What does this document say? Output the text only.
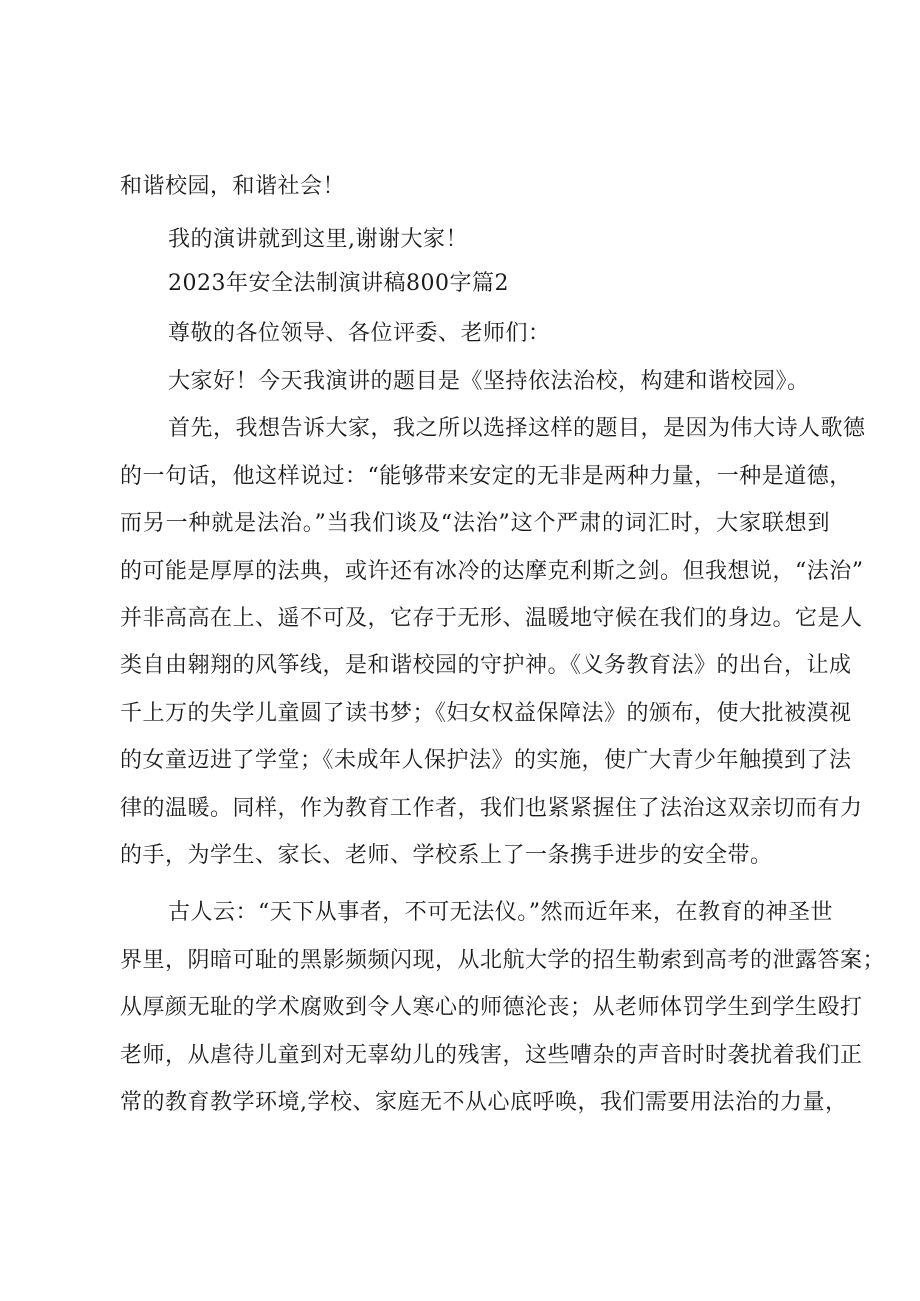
和谐校园，和谐社会！
我的演讲就到这里,谢谢大家！
2023年安全法制演讲稿800字篇2
尊敬的各位领导、各位评委、老师们：
大家好！今天我演讲的题目是《坚持依法治校，构建和谐校园》。
首先，我想告诉大家，我之所以选择这样的题目，是因为伟大诗人歌德
的一句话，他这样说过：“能够带来安定的无非是两种力量，一种是道德，
而另一种就是法治。”当我们谈及“法治”这个严肃的词汇时，大家联想到
的可能是厚厚的法典，或许还有冰冷的达摩克利斯之剑。但我想说，“法治”
并非高高在上、遥不可及，它存于无形、温暖地守候在我们的身边。它是人
类自由翱翔的风筝线，是和谐校园的守护神。《义务教育法》的出台，让成
千上万的失学儿童圆了读书梦；《妇女权益保障法》的颁布，使大批被漠视
的女童迈进了学堂；《未成年人保护法》的实施，使广大青少年触摸到了法
律的温暖。同样，作为教育工作者，我们也紧紧握住了法治这双亲切而有力
的手，为学生、家长、老师、学校系上了一条携手进步的安全带。
古人云：“天下从事者，不可无法仪。”然而近年来，在教育的神圣世
界里，阴暗可耻的黑影频频闪现，从北航大学的招生勒索到高考的泄露答案；
从厚颜无耻的学术腐败到令人寒心的师德沦丧；从老师体罚学生到学生殴打
老师，从虐待儿童到对无辜幼儿的残害，这些嘈杂的声音时时袭扰着我们正
常的教育教学环境,学校、家庭无不从心底呼唤，我们需要用法治的力量，
